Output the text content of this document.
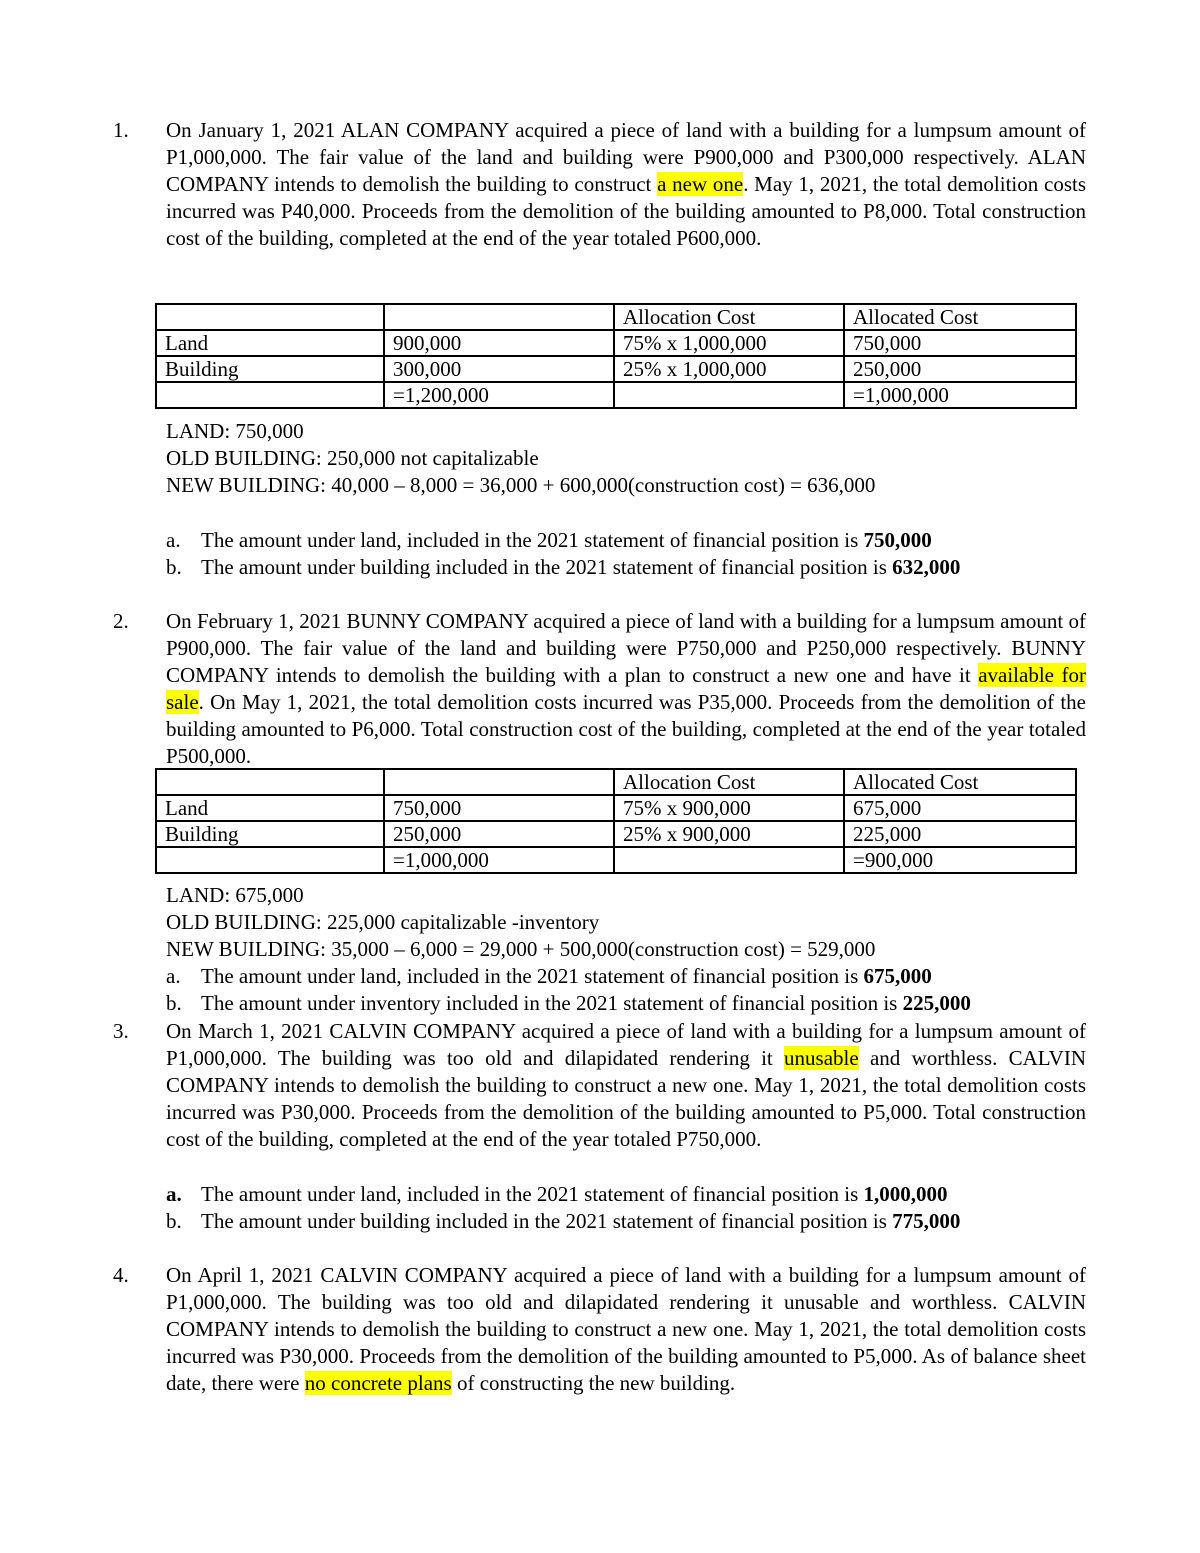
1. On January 1, 2021 ALAN COMPANY acquired a piece of land with a building for a lumpsum amount of P1,000,000. The fair value of the land and building were P900,000 and P300,000 respectively. ALAN COMPANY intends to demolish the building to construct a new one. May 1, 2021, the total demolition costs incurred was P40,000. Proceeds from the demolition of the building amounted to P8,000. Total construction cost of the building, completed at the end of the year totaled P600,000.

		Allocation Cost	Allocated Cost
Land	900,000	75% x 1,000,000	750,000
Building	300,000	25% x 1,000,000	250,000
	=1,200,000		=1,000,000
LAND: 750,000
OLD BUILDING: 250,000 not capitalizable
NEW BUILDING: 40,000 – 8,000 = 36,000 + 600,000(construction cost) = 636,000
a. The amount under land, included in the 2021 statement of financial position is 750,000
b. The amount under building included in the 2021 statement of financial position is 632,000
2. On February 1, 2021 BUNNY COMPANY acquired a piece of land with a building for a lumpsum amount of P900,000. The fair value of the land and building were P750,000 and P250,000 respectively. BUNNY COMPANY intends to demolish the building with a plan to construct a new one and have it available for sale. On May 1, 2021, the total demolition costs incurred was P35,000. Proceeds from the demolition of the building amounted to P6,000. Total construction cost of the building, completed at the end of the year totaled P500,000.

		Allocation Cost	Allocated Cost
Land	750,000	75% x 900,000	675,000
Building	250,000	25% x 900,000	225,000
	=1,000,000		=900,000
LAND: 675,000
OLD BUILDING: 225,000 capitalizable -inventory
NEW BUILDING: 35,000 – 6,000 = 29,000 + 500,000(construction cost) = 529,000
a. The amount under land, included in the 2021 statement of financial position is 675,000
b. The amount under inventory included in the 2021 statement of financial position is 225,000
3. On March 1, 2021 CALVIN COMPANY acquired a piece of land with a building for a lumpsum amount of P1,000,000. The building was too old and dilapidated rendering it unusable and worthless. CALVIN COMPANY intends to demolish the building to construct a new one. May 1, 2021, the total demolition costs incurred was P30,000. Proceeds from the demolition of the building amounted to P5,000. Total construction cost of the building, completed at the end of the year totaled P750,000.

a. The amount under land, included in the 2021 statement of financial position is 1,000,000
b. The amount under building included in the 2021 statement of financial position is 775,000
4. On April 1, 2021 CALVIN COMPANY acquired a piece of land with a building for a lumpsum amount of P1,000,000. The building was too old and dilapidated rendering it unusable and worthless. CALVIN COMPANY intends to demolish the building to construct a new one. May 1, 2021, the total demolition costs incurred was P30,000. Proceeds from the demolition of the building amounted to P5,000. As of balance sheet date, there were no concrete plans of constructing the new building.
